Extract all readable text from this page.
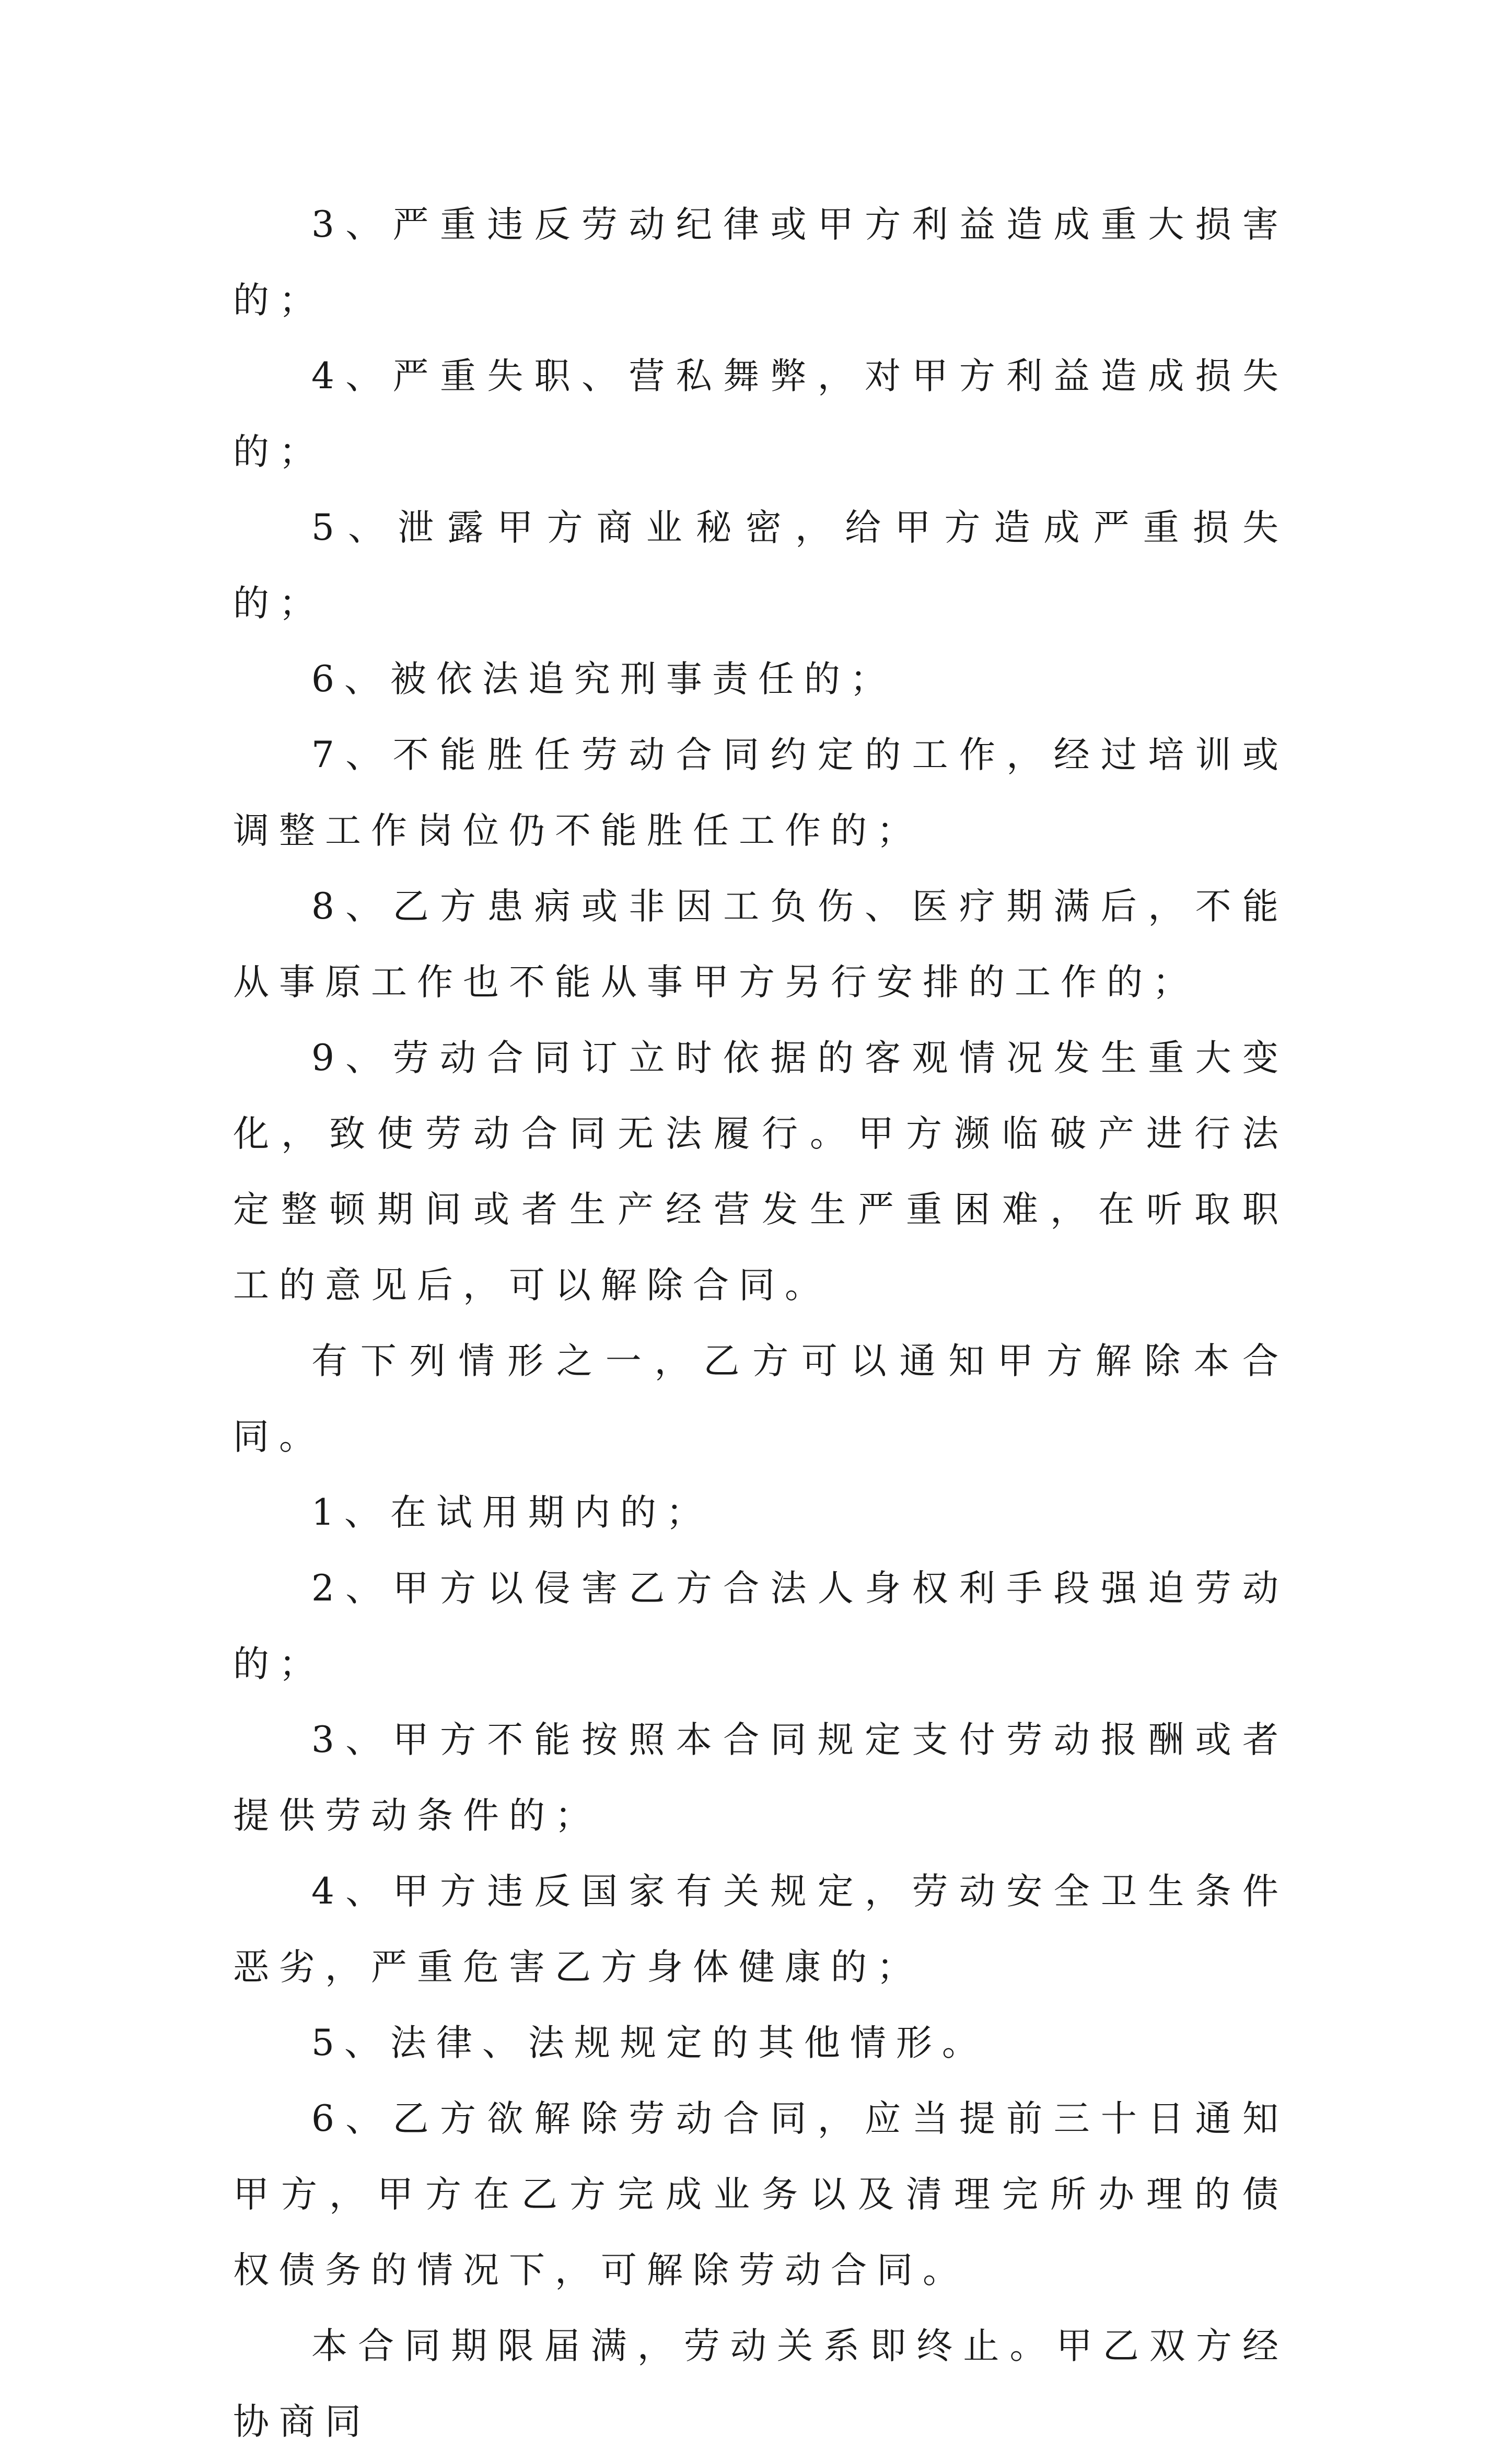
3、严重违反劳动纪律或甲方利益造成重大损害的；

4、严重失职、营私舞弊，对甲方利益造成损失的；

5、泄露甲方商业秘密，给甲方造成严重损失的；

6、被依法追究刑事责任的；

7、不能胜任劳动合同约定的工作，经过培训或调整工作岗位仍不能胜任工作的；

8、乙方患病或非因工负伤、医疗期满后，不能从事原工作也不能从事甲方另行安排的工作的；

9、劳动合同订立时依据的客观情况发生重大变化，致使劳动合同无法履行。甲方濒临破产进行法定整顿期间或者生产经营发生严重困难，在听取职工的意见后，可以解除合同。

有下列情形之一，乙方可以通知甲方解除本合同。

1、在试用期内的；

2、甲方以侵害乙方合法人身权利手段强迫劳动的；

3、甲方不能按照本合同规定支付劳动报酬或者提供劳动条件的；

4、甲方违反国家有关规定，劳动安全卫生条件恶劣，严重危害乙方身体健康的；

5、法律、法规规定的其他情形。

6、乙方欲解除劳动合同，应当提前三十日通知甲方，甲方在乙方完成业务以及清理完所办理的债权债务的情况下，可解除劳动合同。

本合同期限届满，劳动关系即终止。甲乙双方经协商同
